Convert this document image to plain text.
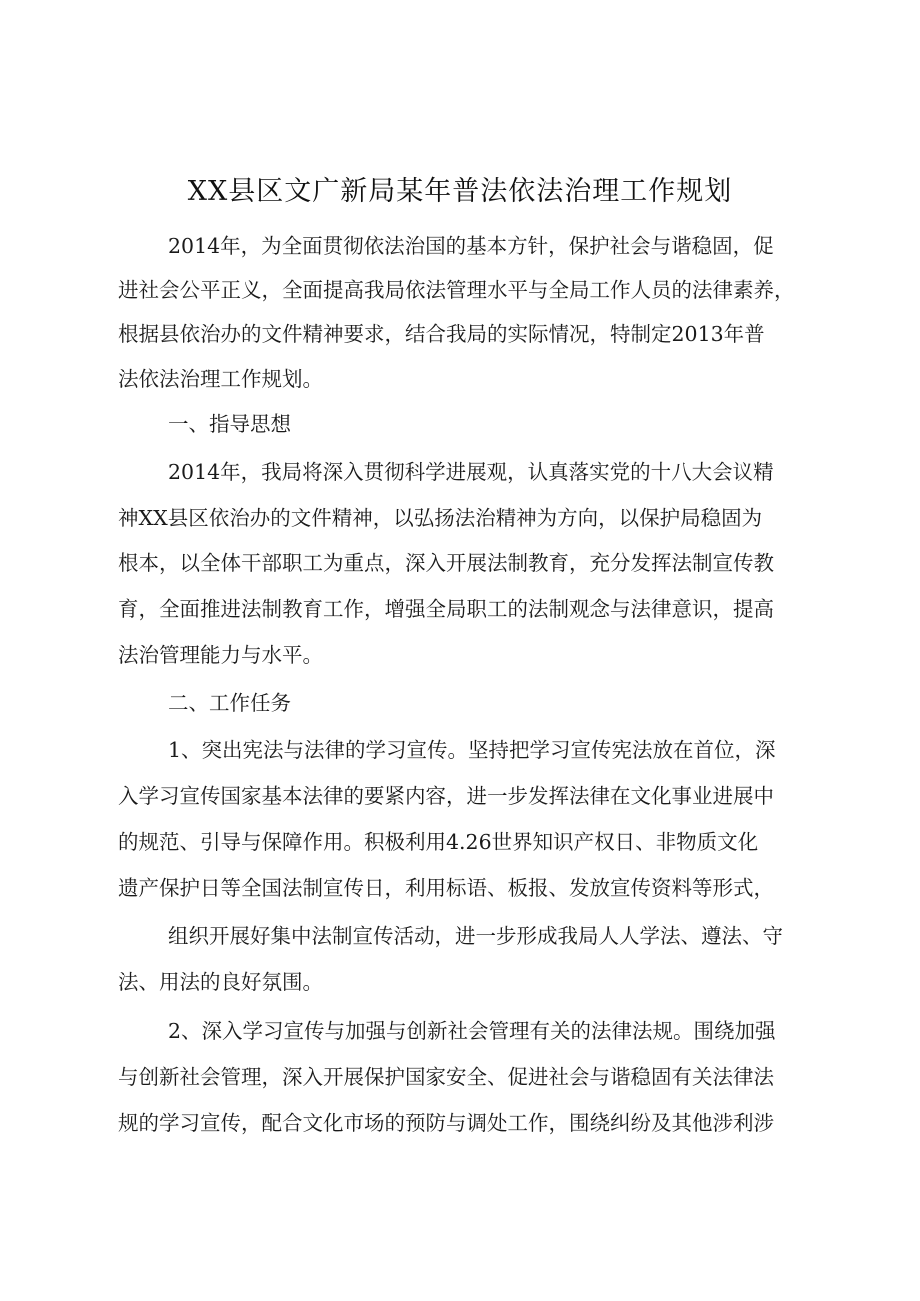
XX县区文广新局某年普法依法治理工作规划
2014年，为全面贯彻依法治国的基本方针，保护社会与谐稳固，促
进社会公平正义，全面提高我局依法管理水平与全局工作人员的法律素养，
根据县依治办的文件精神要求，结合我局的实际情况，特制定2013年普
法依法治理工作规划。
一、指导思想
2014年，我局将深入贯彻科学进展观，认真落实党的十八大会议精
神XX县区依治办的文件精神，以弘扬法治精神为方向，以保护局稳固为
根本，以全体干部职工为重点，深入开展法制教育，充分发挥法制宣传教
育，全面推进法制教育工作，增强全局职工的法制观念与法律意识，提高
法治管理能力与水平。
二、工作任务
1、突出宪法与法律的学习宣传。坚持把学习宣传宪法放在首位，深
入学习宣传国家基本法律的要紧内容，进一步发挥法律在文化事业进展中
的规范、引导与保障作用。积极利用4.26世界知识产权日、非物质文化
遗产保护日等全国法制宣传日，利用标语、板报、发放宣传资料等形式，
组织开展好集中法制宣传活动，进一步形成我局人人学法、遵法、守
法、用法的良好氛围。
2、深入学习宣传与加强与创新社会管理有关的法律法规。围绕加强
与创新社会管理，深入开展保护国家安全、促进社会与谐稳固有关法律法
规的学习宣传，配合文化市场的预防与调处工作，围绕纠纷及其他涉利涉
